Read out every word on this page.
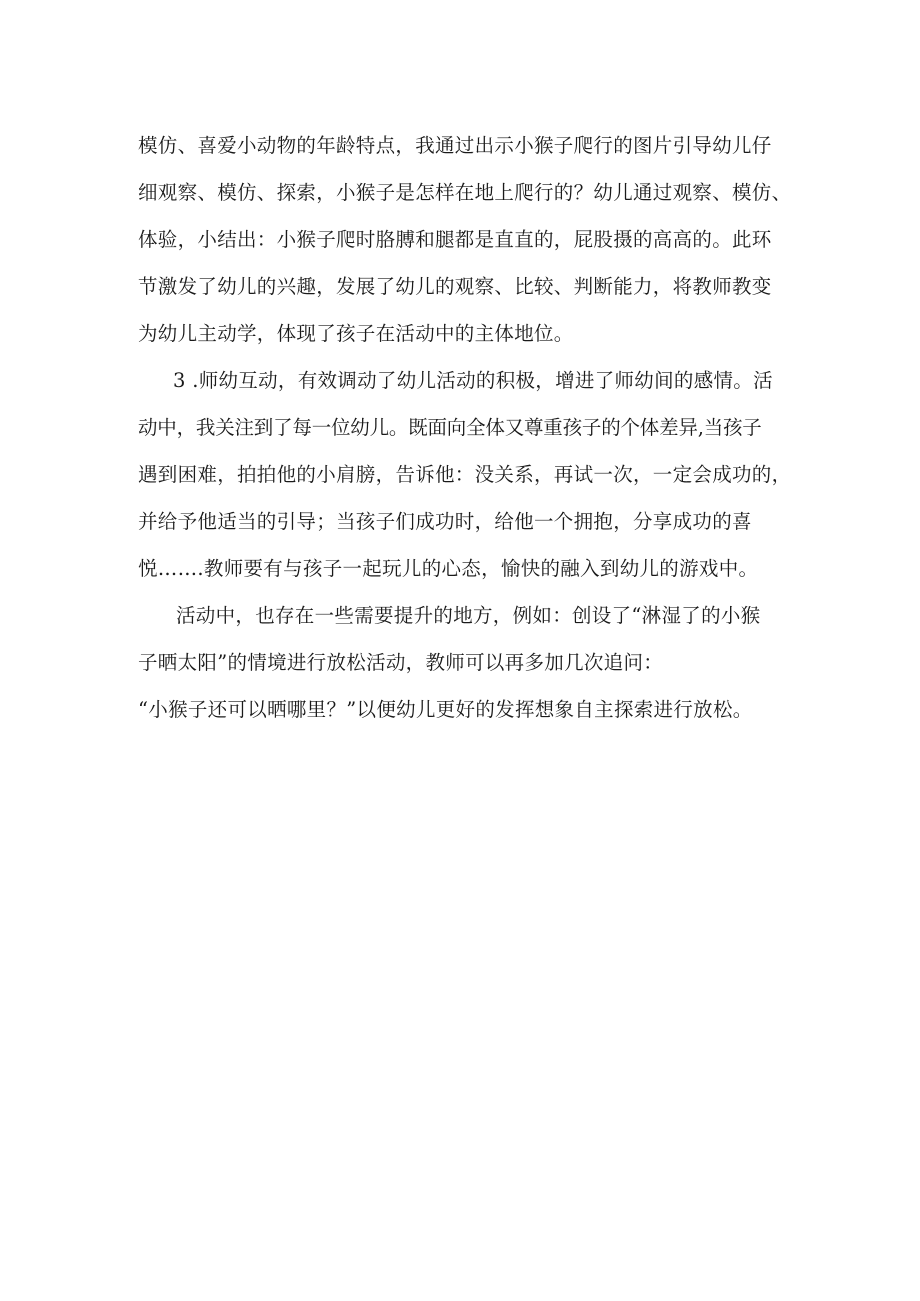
模仿、喜爱小动物的年龄特点，我通过出示小猴子爬行的图片引导幼儿仔
细观察、模仿、探索，小猴子是怎样在地上爬行的？幼儿通过观察、模仿、
体验，小结出：小猴子爬时胳膊和腿都是直直的，屁股摄的高高的。此环
节激发了幼儿的兴趣，发展了幼儿的观察、比较、判断能力，将教师教变
为幼儿主动学，体现了孩子在活动中的主体地位。
3 .师幼互动，有效调动了幼儿活动的积极，增进了师幼间的感情。活
动中，我关注到了每一位幼儿。既面向全体又尊重孩子的个体差异,当孩子
遇到困难，拍拍他的小肩膀，告诉他：没关系，再试一次，一定会成功的，
并给予他适当的引导；当孩子们成功时，给他一个拥抱，分享成功的喜
悦…….教师要有与孩子一起玩儿的心态，愉快的融入到幼儿的游戏中。
活动中，也存在一些需要提升的地方，例如：创设了“淋湿了的小猴
子晒太阳”的情境进行放松活动，教师可以再多加几次追问：
“小猴子还可以晒哪里？”以便幼儿更好的发挥想象自主探索进行放松。
